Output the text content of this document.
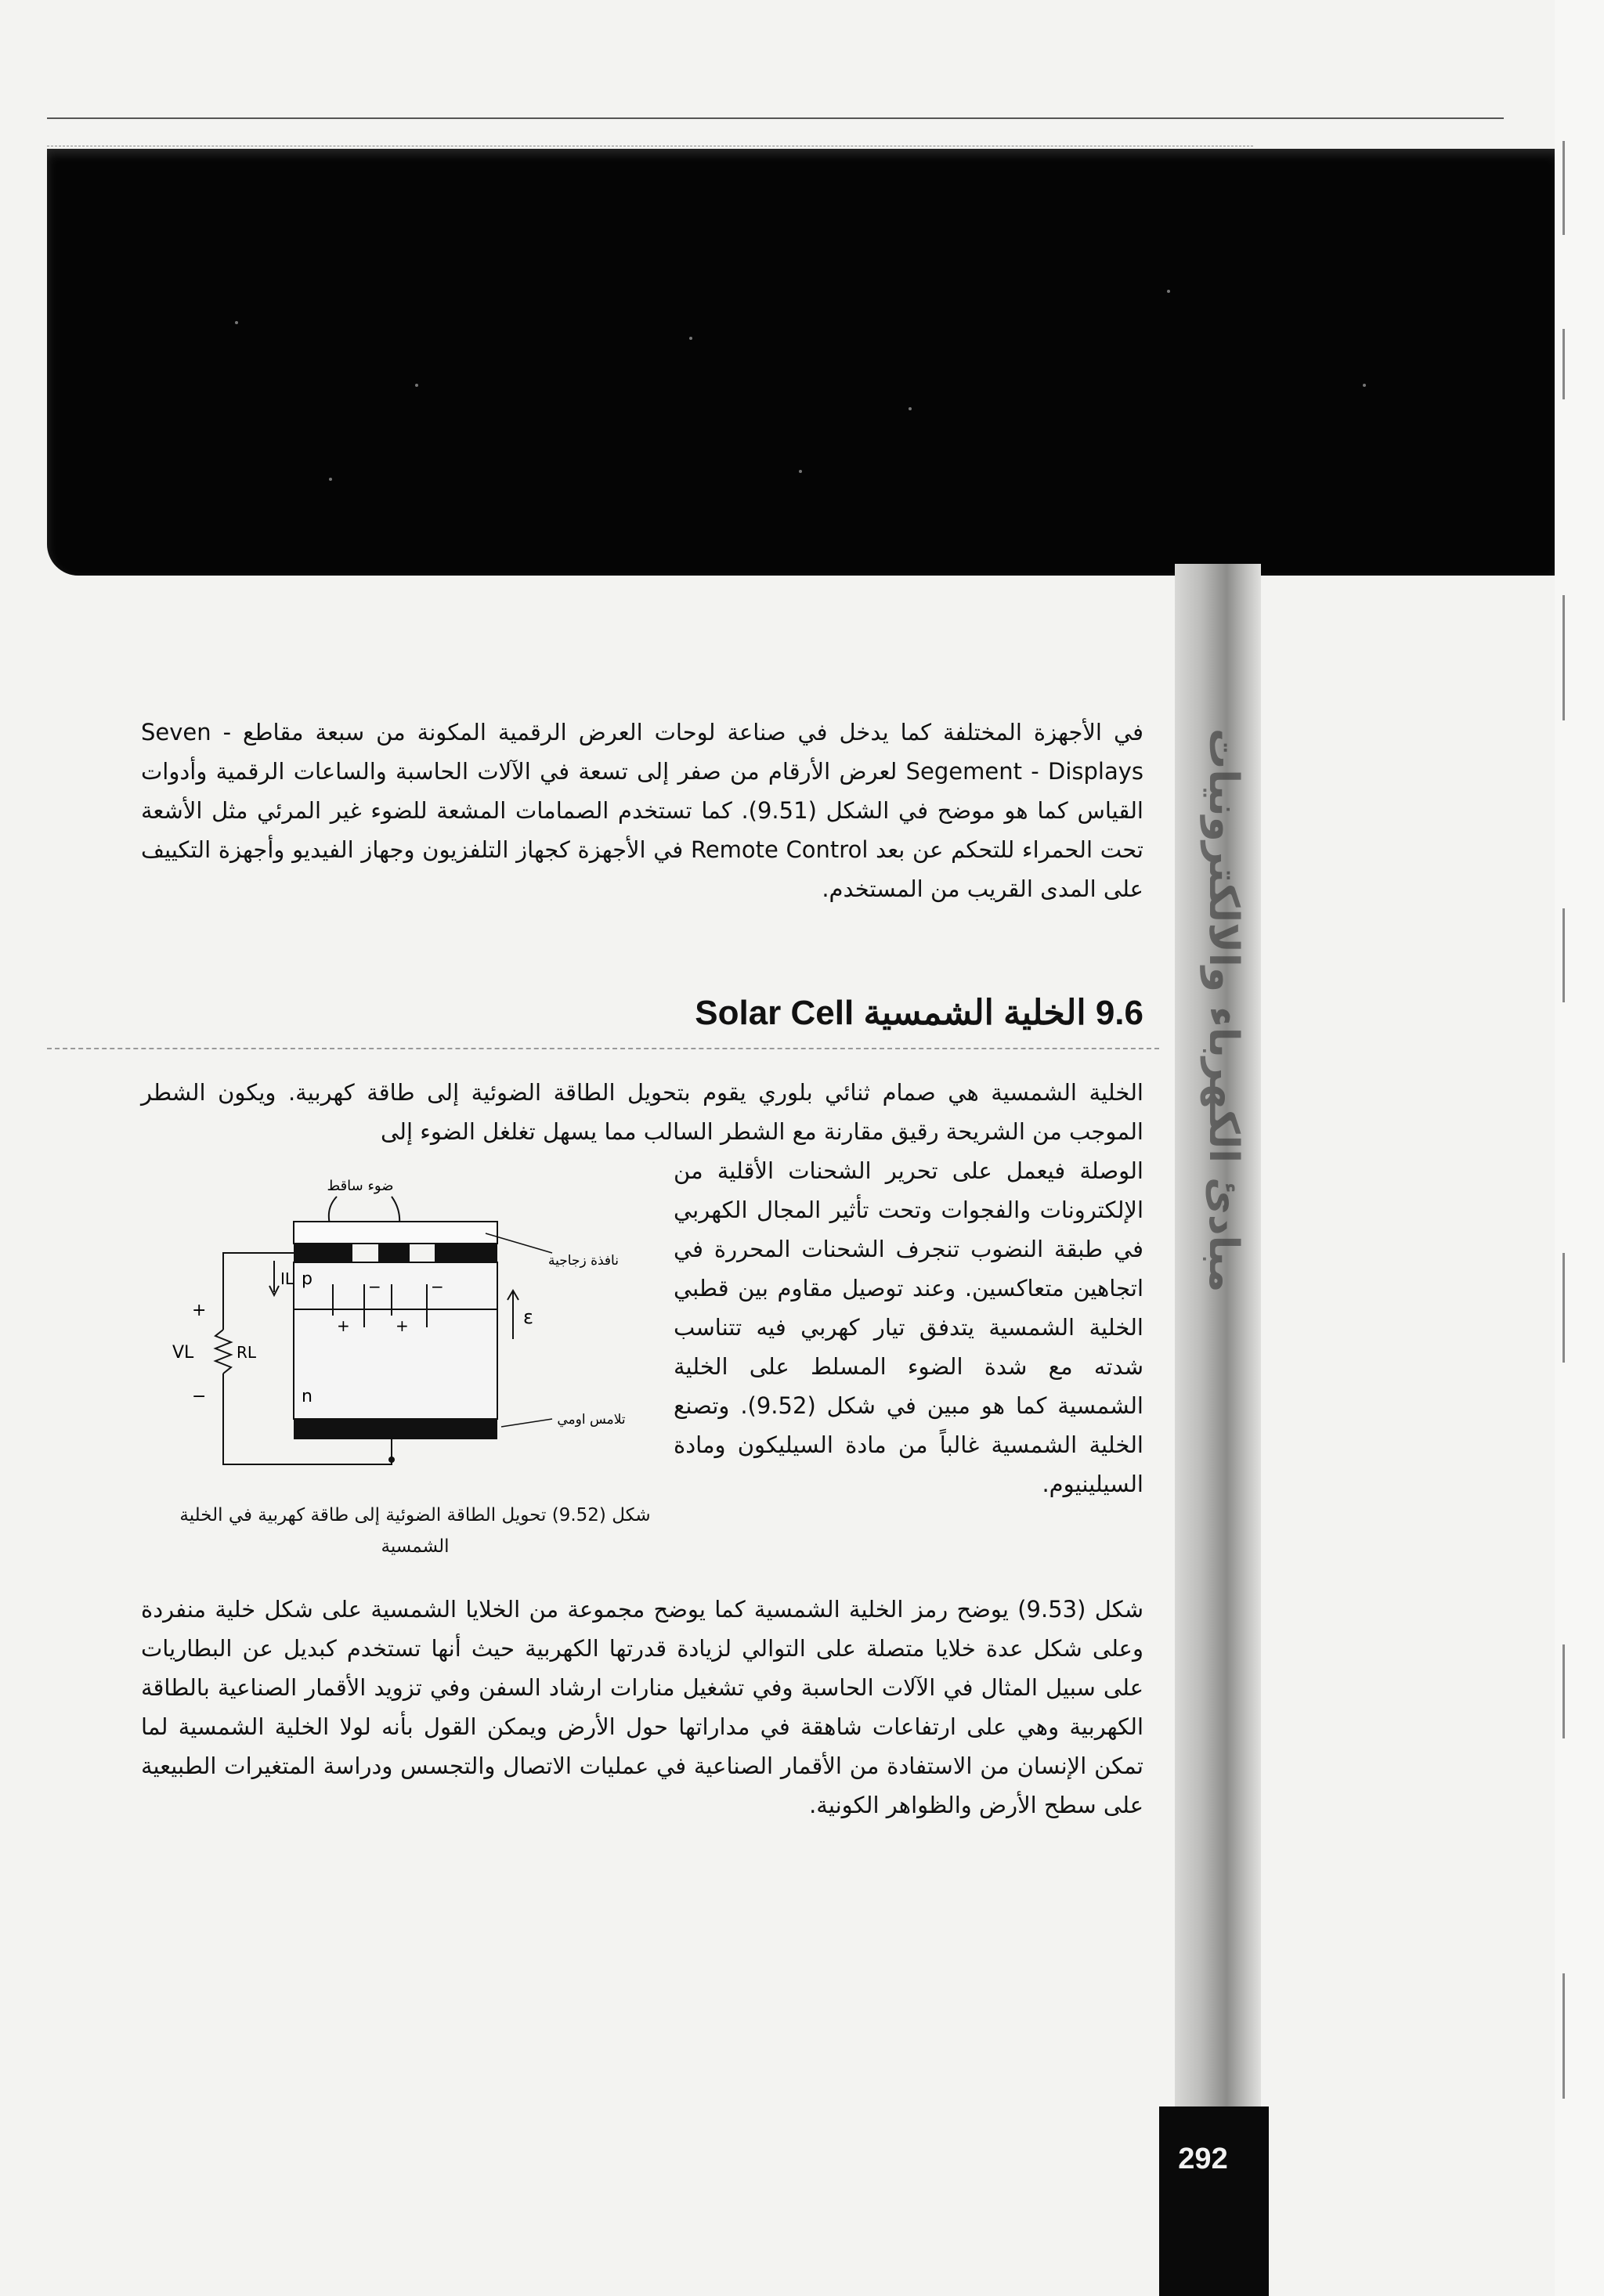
مبادئ الكهرباء والالكترونيات
292
في الأجهزة المختلفة كما يدخل في صناعة لوحات العرض الرقمية المكونة من سبعة مقاطع Seven - Segement - Displays لعرض الأرقام من صفر إلى تسعة في الآلات الحاسبة والساعات الرقمية وأدوات القياس كما هو موضح في الشكل (9.51). كما تستخدم الصمامات المشعة للضوء غير المرئي مثل الأشعة تحت الحمراء للتحكم عن بعد Remote Control في الأجهزة كجهاز التلفزيون وجهاز الفيديو وأجهزة التكييف على المدى القريب من المستخدم.
9.6 الخلية الشمسية Solar Cell
الخلية الشمسية هي صمام ثنائي بلوري يقوم بتحويل الطاقة الضوئية إلى طاقة كهربية. ويكون الشطر الموجب من الشريحة رقيق مقارنة مع الشطر السالب مما يسهل تغلغل الضوء إلى
الوصلة فيعمل على تحرير الشحنات الأقلية من الإلكترونات والفجوات وتحت تأثير المجال الكهربي في طبقة النضوب تنجرف الشحنات المحررة في اتجاهين متعاكسين. وعند توصيل مقاوم بين قطبي الخلية الشمسية يتدفق تيار كهربي فيه تتناسب شدته مع شدة الضوء المسلط على الخلية الشمسية كما هو مبين في شكل (9.52). وتصنع الخلية الشمسية غالباً من مادة السيليكون ومادة السيلينيوم.
ضوء ساقط
p
n
−	−
+	+	ε
نافذة زجاجية
تلامس اومي
IL
RL
VL
+
−
شكل (9.52) تحويل الطاقة الضوئية إلى طاقة كهربية في الخلية الشمسية
شكل (9.53) يوضح رمز الخلية الشمسية كما يوضح مجموعة من الخلايا الشمسية على شكل خلية منفردة وعلى شكل عدة خلايا متصلة على التوالي لزيادة قدرتها الكهربية حيث أنها تستخدم كبديل عن البطاريات على سبيل المثال في الآلات الحاسبة وفي تشغيل منارات ارشاد السفن وفي تزويد الأقمار الصناعية بالطاقة الكهربية وهي على ارتفاعات شاهقة في مداراتها حول الأرض ويمكن القول بأنه لولا الخلية الشمسية لما تمكن الإنسان من الاستفادة من الأقمار الصناعية في عمليات الاتصال والتجسس ودراسة المتغيرات الطبيعية على سطح الأرض والظواهر الكونية.
